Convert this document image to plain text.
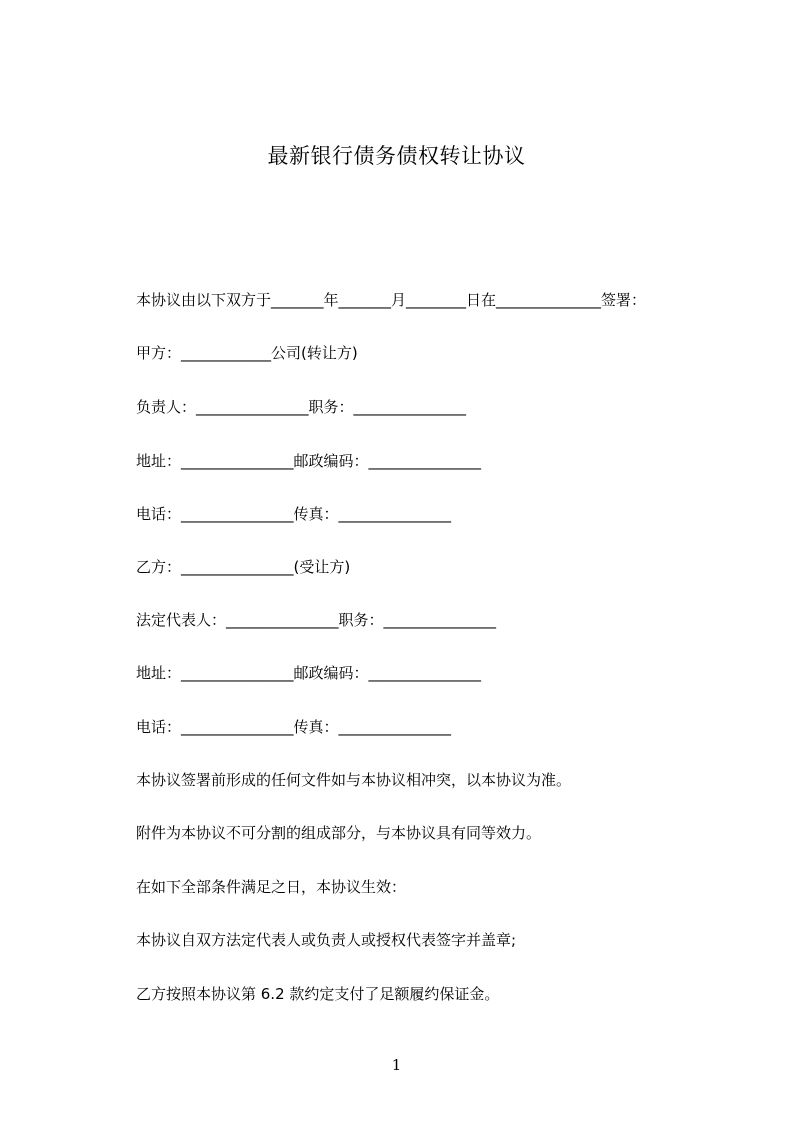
最新银行债务债权转让协议
本协议由以下双方于_______年_______月________日在______________签署：
甲方：____________公司(转让方)
负责人：_______________职务：_______________
地址：_______________邮政编码：_______________
电话：_______________传真：_______________
乙方：_______________(受让方)
法定代表人：_______________职务：_______________
地址：_______________邮政编码：_______________
电话：_______________传真：_______________
本协议签署前形成的任何文件如与本协议相冲突，以本协议为准。
附件为本协议不可分割的组成部分，与本协议具有同等效力。
在如下全部条件满足之日，本协议生效：
本协议自双方法定代表人或负责人或授权代表签字并盖章;
乙方按照本协议第 6.2 款约定支付了足额履约保证金。
1
